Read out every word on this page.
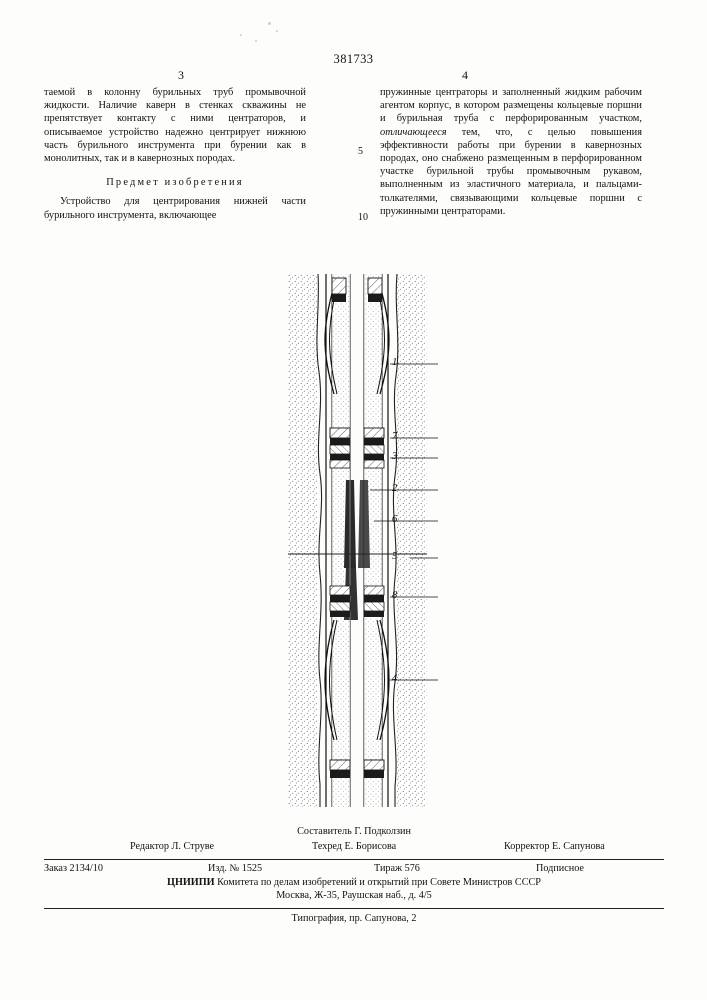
381733
3	4

таемой в колонну бурильных труб промывочной жидкости. Наличие каверн в стенках скважины не препятствует контакту с ними центраторов, и описываемое устройство надежно центрирует нижнюю часть бурильного инструмента при бурении как в монолитных, так и в кавернозных породах.

Предмет изобретения

Устройство для центрирования нижней части бурильного инструмента, включающее

пружинные центраторы и заполненный жидким рабочим агентом корпус, в котором размещены кольцевые поршни и бурильная труба с перфорированным участком, отличающееся тем, что, с целью повышения эффективности работы при бурении в кавернозных породах, оно снабжено размещенным в перфорированном участке бурильной трубы промывочным рукавом, выполненным из эластичного материала, и пальцами-толкателями, связывающими кольцевые поршни с пружинными центраторами.

5
10
1
7
3
2
6
5
8
4
Составитель Г. Подколзин
Редактор Л. Струве	Техред Е. Борисова	Корректор Е. Сапунова
Заказ 2134/10	Изд. № 1525	Тираж 576	Подписное
ЦНИИПИ Комитета по делам изобретений и открытий при Совете Министров СССР
Москва, Ж-35, Раушская наб., д. 4/5
Типография, пр. Сапунова, 2
